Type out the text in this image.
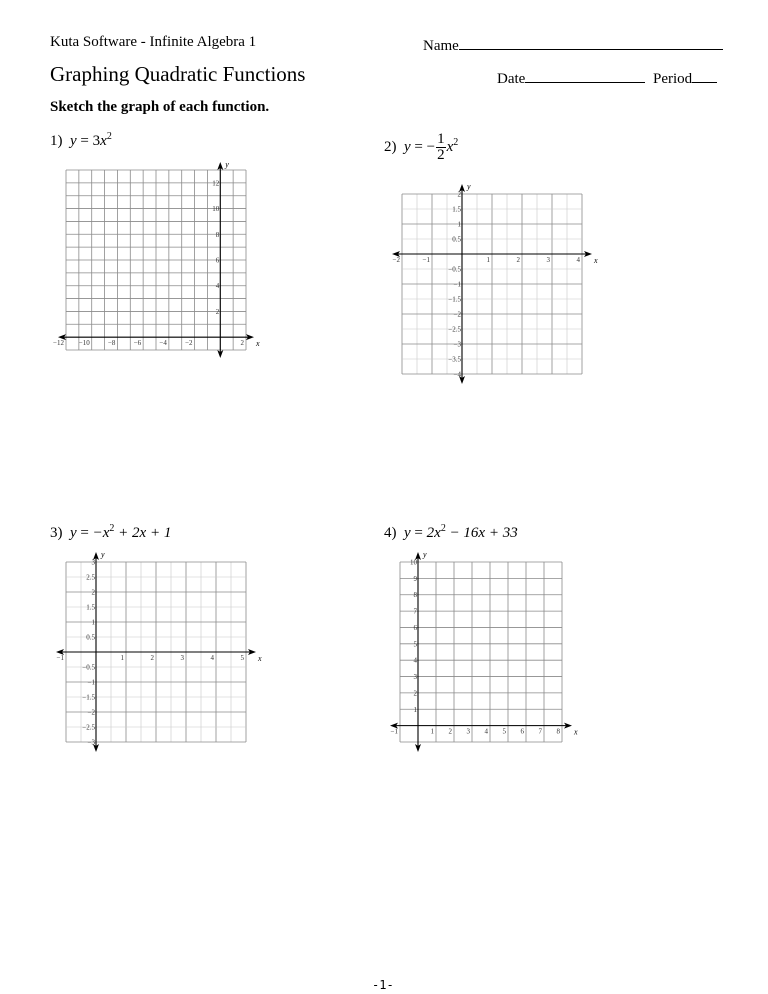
Kuta Software - Infinite Algebra 1	Name
Graphing Quadratic Functions	Date	Period
Sketch the graph of each function.
1) $y = 3x^2$
x
y
−12 −10	−8	−6	−4	−2	2
2
4
6
8
10
12
2) y = − $\frac{1}{2} x^2$
x
y
−2	−1	1	2	3	4
2
1.5
1
0.5
−0.5
−1
−1.5
−2
−2.5
−3
−3.5
−4
3) $y = -x^2 + 2x + 1$
x
y
−1	1	2	3	4	5
3
2.5
2
1.5
1
0.5
−0.5
−1
−1.5
−2
−2.5
−3
4) $y = 2x^2 - 16x + 33$
x
y
−1	1 2 3 4 5 6 7 8
1
2
3
4
5
6
7
8
9
10
-1-
